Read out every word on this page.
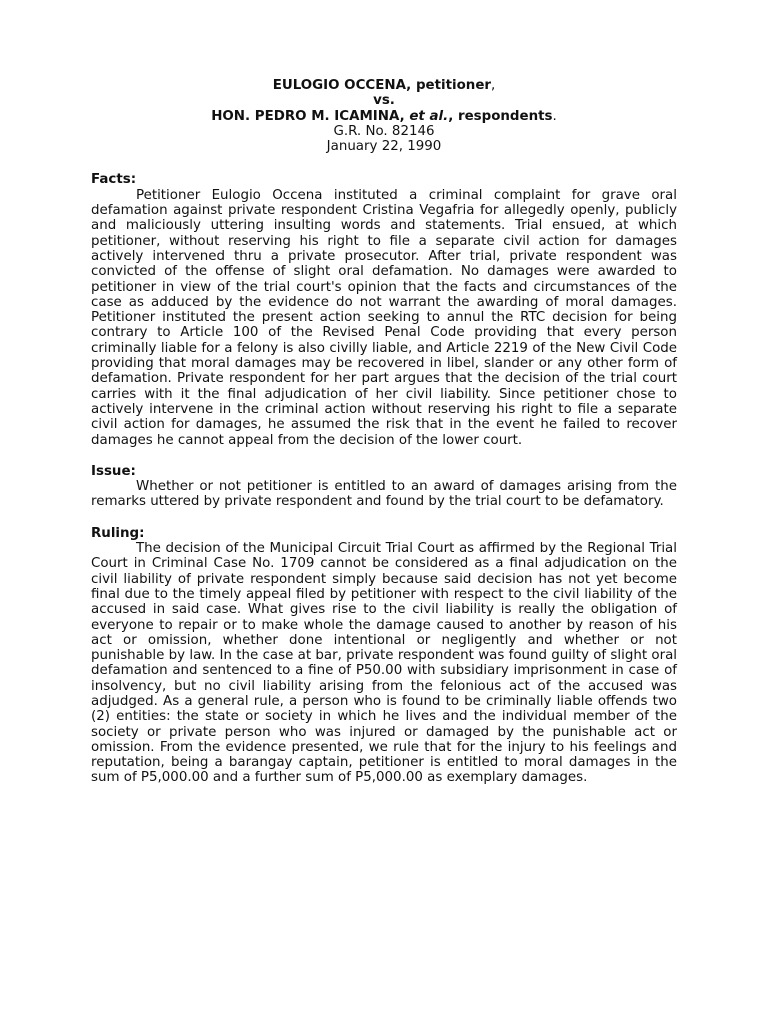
EULOGIO OCCENA, petitioner,
vs.
HON. PEDRO M. ICAMINA, et al., respondents.
G.R. No. 82146
January 22, 1990
Facts:

Petitioner Eulogio Occena instituted a criminal complaint for grave oral defamation against private respondent Cristina Vegafria for allegedly openly, publicly and maliciously uttering insulting words and statements. Trial ensued, at which petitioner, without reserving his right to file a separate civil action for damages actively intervened thru a private prosecutor. After trial, private respondent was convicted of the offense of slight oral defamation. No damages were awarded to petitioner in view of the trial court's opinion that the facts and circumstances of the case as adduced by the evidence do not warrant the awarding of moral damages. Petitioner instituted the present action seeking to annul the RTC decision for being contrary to Article 100 of the Revised Penal Code providing that every person criminally liable for a felony is also civilly liable, and Article 2219 of the New Civil Code providing that moral damages may be recovered in libel, slander or any other form of defamation. Private respondent for her part argues that the decision of the trial court carries with it the final adjudication of her civil liability. Since petitioner chose to actively intervene in the criminal action without reserving his right to file a separate civil action for damages, he assumed the risk that in the event he failed to recover damages he cannot appeal from the decision of the lower court.

Issue:

Whether or not petitioner is entitled to an award of damages arising from the remarks uttered by private respondent and found by the trial court to be defamatory.

Ruling:

The decision of the Municipal Circuit Trial Court as affirmed by the Regional Trial Court in Criminal Case No. 1709 cannot be considered as a final adjudication on the civil liability of private respondent simply because said decision has not yet become final due to the timely appeal filed by petitioner with respect to the civil liability of the accused in said case. What gives rise to the civil liability is really the obligation of everyone to repair or to make whole the damage caused to another by reason of his act or omission, whether done intentional or negligently and whether or not punishable by law. In the case at bar, private respondent was found guilty of slight oral defamation and sentenced to a fine of P50.00 with subsidiary imprisonment in case of insolvency, but no civil liability arising from the felonious act of the accused was adjudged. As a general rule, a person who is found to be criminally liable offends two (2) entities: the state or society in which he lives and the individual member of the society or private person who was injured or damaged by the punishable act or omission. From the evidence presented, we rule that for the injury to his feelings and reputation, being a barangay captain, petitioner is entitled to moral damages in the sum of P5,000.00 and a further sum of P5,000.00 as exemplary damages.
